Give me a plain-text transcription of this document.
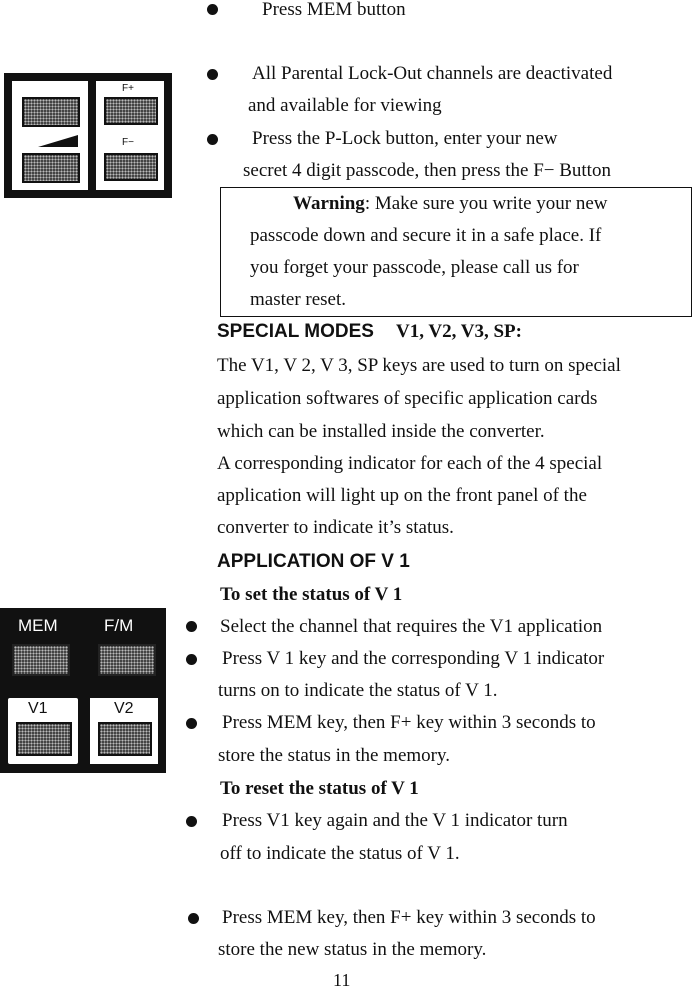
Press MEM button
F+
F−
All Parental Lock-Out channels are deactivated
and available for viewing
Press the P-Lock button, enter your new
secret 4 digit passcode, then press the F− Button
Warning: Make sure you write your new
passcode down and secure it in a safe place. If
you forget your passcode, please call us for
master reset.
SPECIAL MODES V1, V2, V3, SP:
The V1, V 2, V 3, SP keys are used to turn on special
application softwares of specific application cards
which can be installed inside the converter.
A corresponding indicator for each of the 4 special
application will light up on the front panel of the
converter to indicate it’s status.
APPLICATION OF V 1
To set the status of V 1
MEM	F/M
V1	V2
Select the channel that requires the V1 application
Press V 1 key and the corresponding V 1 indicator
turns on to indicate the status of V 1.
Press MEM key, then F+ key within 3 seconds to
store the status in the memory.
To reset the status of V 1
Press V1 key again and the V 1 indicator turn
off to indicate the status of V 1.
Press MEM key, then F+ key within 3 seconds to
store the new status in the memory.
11
